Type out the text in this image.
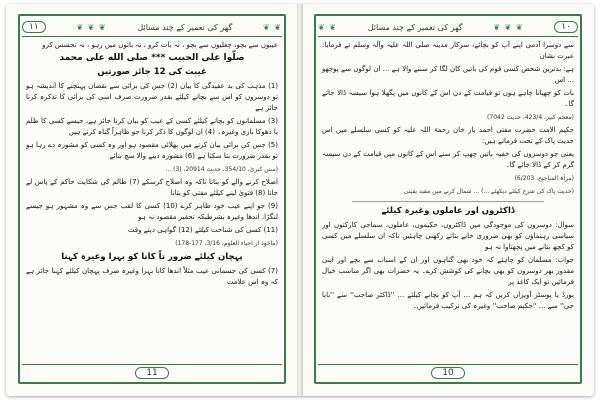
۱۱	❦ ❦ ❦	گھر کی تعمیر کے چند مسائل	❦ ❦

عیبوں سے بچو، چغلیوں سے بچو ، نہ بات کرو ، نہ باتوں میں رہو ، نہ تجسس کرو

صلّوا على الحبيب *** صلى الله على محمد

غیبت کی 12 جائز صورتیں

(1) مذہب کی بد عقیدگی کا بیان (2) جس کی برائی سے نقصان پہنچنے کا اندیشہ ہو تو دوسروں کو اس سے بچانے کیلئے بقدر ضرورت صرف اسی کی برائی کا تذکرہ کرنا جائز ہے

(3) مسلمانوں کو بچانے کیلئے کسی کے عیب کو بیان کرنا جائز ہے، جیسے کسی کا ظلم یا دھوکا بازی وغیرہ۔ (4) ان لوگوں کا ذکر کرنا جو ظاہراً گناہ کرتے ہیں

(5) جس کی برائی بیان کرنے میں بھلائی مقصود ہو اور وہ کسی کو مشورہ دے رہا ہو تو بقدر ضرورت بتا سکتا ہے (6) مشورہ دینے والا سچ بتائے

(سنن کبریٰ، 354/10، حدیث 20914، (3) ...

اصلاح کرنے والے کو بتانا تاکہ وہ اصلاح کرسکے (7) ظالم کی شکایت حاکم کے پاس لے جانا (8) فتویٰ لینے کیلئے مفتی کو بتانا

(9) جو اپنے عیب خود ظاہر کرے (10) کسی کا لقب جس سے وہ مشہور ہو جیسے لنگڑا، اندھا وغیرہ بشرطیکہ تحقیر مقصود نہ ہو

(11) کسی کی شناخت کیلئے (12) گواہی دیتے وقت

(ماخوذ از احیاء العلوم، 3/16، 177-178)

پہچان کیلئے ضرور تاً کانا کو بہرا وغیرہ کہنا

(7) کسی کی جسمانی عیب مثلاً اندھا کانا بہرا وغیرہ صرف پہچان کیلئے کہنا جائز ہے کہ وہ اس علامت

11
❦ ❦	گھر کی تعمیر کے چند مسائل	❦ ❦ ❦	۱۰

سے دوسرا آدمی اپنے آپ کو بچائے، سرکار مدینہ صلی اللہ علیہ وآلہ وسلم نے فرمایا: عبرت نشان

ہے: بدترین شخص کسی قوم کی باتیں کان لگا کر سننے والا ہے ... ان لوگوں سے پوچھو ... اس

بات کو چھپانا چاہے ہوں تو قیامت کے دن اس کے کانوں میں پگھلا ہوا سیسہ ڈالا جائے گا۔

(معجم کبیر، 423/4، حدیث 7042)

حکیم الامت حضرت مفتی احمد یار خان رحمۃ اللہ علیہ کو کسی سلسلے میں اس حدیث پاک کے تحت فرماتے ہیں:

یعنی جو دوسروں کی خفیہ باتیں چھپ کر سنے اس کے کانوں میں قیامت کے دن سیسہ گرم کر کے ڈالا جائے گا۔

(مرآۃ المناجیح، 6/203)

(حدیث پاک کی شرح کیلئے دیکھئے ...) ... شمال کرنے میں مفید یقینی

ڈاکٹروں اور عاملوں وغیرہ کیلئے

سوال: دوسروں کی موجودگی میں ڈاکٹروں، حکیموں، عاملوں، سماجی کارکنوں اور سیاسی رہنماؤں کو بھی ضروری خانے بتائے رکھنی چاہئیں تاکہ ان سلسلے میں کسی کو کچھ بتانے میں پچھتاوا نہ ہو

جواب: مسلمان کو چاہئے کہ خود بھی گناہوں اور ان کے اسباب سے بچے اور اپنی مقدور بھر دوسروں کو بھی بچانے کی کوشش کرے۔ یہ حضرات بھی اگر مناسب خیال فرمائیں تو ایک کاغذ پر

بورڈ یا پوسٹر آویزاں کریں کہ ہم ... آپ کو بچانے کیلئے ... ''ڈاکٹر صاحب'' سے ''بابا جی'' سے ... ''حکیم صاحب'' وغیرہ کی ترکیب فرمائیں۔

10
